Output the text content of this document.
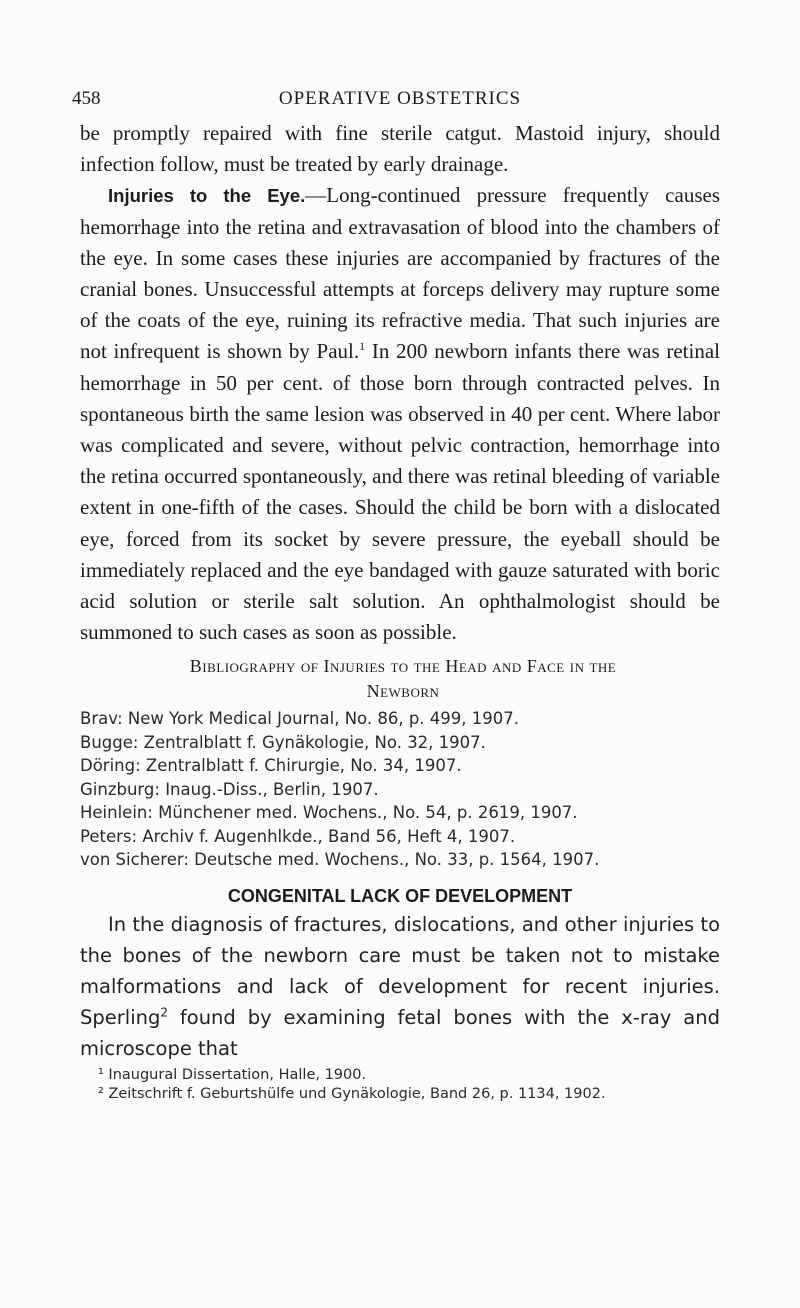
458	OPERATIVE OBSTETRICS

be promptly repaired with fine sterile catgut. Mastoid injury, should infection follow, must be treated by early drainage.

Injuries to the Eye.—Long-continued pressure frequently causes hemorrhage into the retina and extravasation of blood into the chambers of the eye. In some cases these injuries are accompanied by fractures of the cranial bones. Unsuccessful attempts at forceps delivery may rupture some of the coats of the eye, ruining its refractive media. That such injuries are not infrequent is shown by Paul.$^1$ In 200 newborn infants there was retinal hemorrhage in 50 per cent. of those born through contracted pelves. In spontaneous birth the same lesion was observed in 40 per cent. Where labor was complicated and severe, without pelvic contraction, hemorrhage into the retina occurred spontaneously, and there was retinal bleeding of variable extent in one-fifth of the cases. Should the child be born with a dislocated eye, forced from its socket by severe pressure, the eyeball should be immediately replaced and the eye bandaged with gauze saturated with boric acid solution or sterile salt solution. An ophthalmologist should be summoned to such cases as soon as possible.

Bibliography of Injuries to the Head and Face in the
Newborn
Brav: New York Medical Journal, No. 86, p. 499, 1907.
Bugge: Zentralblatt f. Gynäkologie, No. 32, 1907.
Döring: Zentralblatt f. Chirurgie, No. 34, 1907.
Ginzburg: Inaug.-Diss., Berlin, 1907.
Heinlein: Münchener med. Wochens., No. 54, p. 2619, 1907.
Peters: Archiv f. Augenhlkde., Band 56, Heft 4, 1907.
von Sicherer: Deutsche med. Wochens., No. 33, p. 1564, 1907.
CONGENITAL LACK OF DEVELOPMENT

In the diagnosis of fractures, dislocations, and other injuries to the bones of the newborn care must be taken not to mistake malformations and lack of development for recent injuries. Sperling$^2$ found by examining fetal bones with the x-ray and microscope that

¹ Inaugural Dissertation, Halle, 1900.
² Zeitschrift f. Geburtshülfe und Gynäkologie, Band 26, p. 1134, 1902.
